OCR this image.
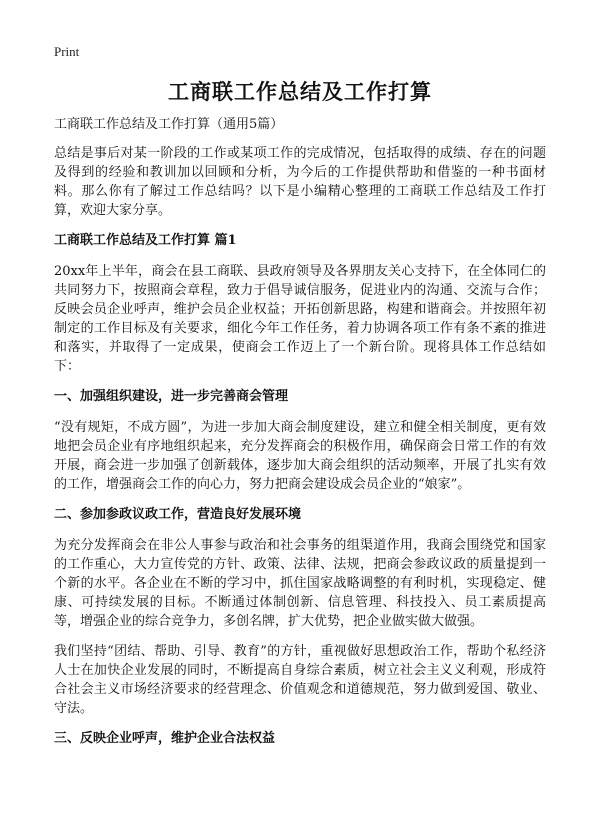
Print
工商联工作总结及工作打算
工商联工作总结及工作打算（通用5篇）

总结是事后对某一阶段的工作或某项工作的完成情况，包括取得的成绩、存在的问题及得到的经验和教训加以回顾和分析，为今后的工作提供帮助和借鉴的一种书面材料。那么你有了解过工作总结吗？以下是小编精心整理的工商联工作总结及工作打算，欢迎大家分享。

工商联工作总结及工作打算 篇1

20xx年上半年，商会在县工商联、县政府领导及各界朋友关心支持下，在全体同仁的共同努力下，按照商会章程，致力于倡导诚信服务，促进业内的沟通、交流与合作；反映会员企业呼声，维护会员企业权益；开拓创新思路，构建和谐商会。并按照年初制定的工作目标及有关要求，细化今年工作任务，着力协调各项工作有条不紊的推进和落实，并取得了一定成果，使商会工作迈上了一个新台阶。现将具体工作总结如下：

一、加强组织建设，进一步完善商会管理

“没有规矩，不成方圆”，为进一步加大商会制度建设，建立和健全相关制度，更有效地把会员企业有序地组织起来，充分发挥商会的积极作用，确保商会日常工作的有效开展，商会进一步加强了创新载体，逐步加大商会组织的活动频率，开展了扎实有效的工作，增强商会工作的向心力，努力把商会建设成会员企业的“娘家”。

二、参加参政议政工作，营造良好发展环境

为充分发挥商会在非公人事参与政治和社会事务的组渠道作用，我商会围绕党和国家的工作重心，大力宣传党的方针、政策、法律、法规，把商会参政议政的质量提到一个新的水平。各企业在不断的学习中，抓住国家战略调整的有利时机，实现稳定、健康、可持续发展的目标。不断通过体制创新、信息管理、科技投入、员工素质提高等，增强企业的综合竞争力，多创名牌，扩大优势，把企业做实做大做强。

我们坚持“团结、帮助、引导、教育”的方针，重视做好思想政治工作，帮助个私经济人士在加快企业发展的同时，不断提高自身综合素质，树立社会主义义利观，形成符合社会主义市场经济要求的经营理念、价值观念和道德规范，努力做到爱国、敬业、守法。

三、反映企业呼声，维护企业合法权益
